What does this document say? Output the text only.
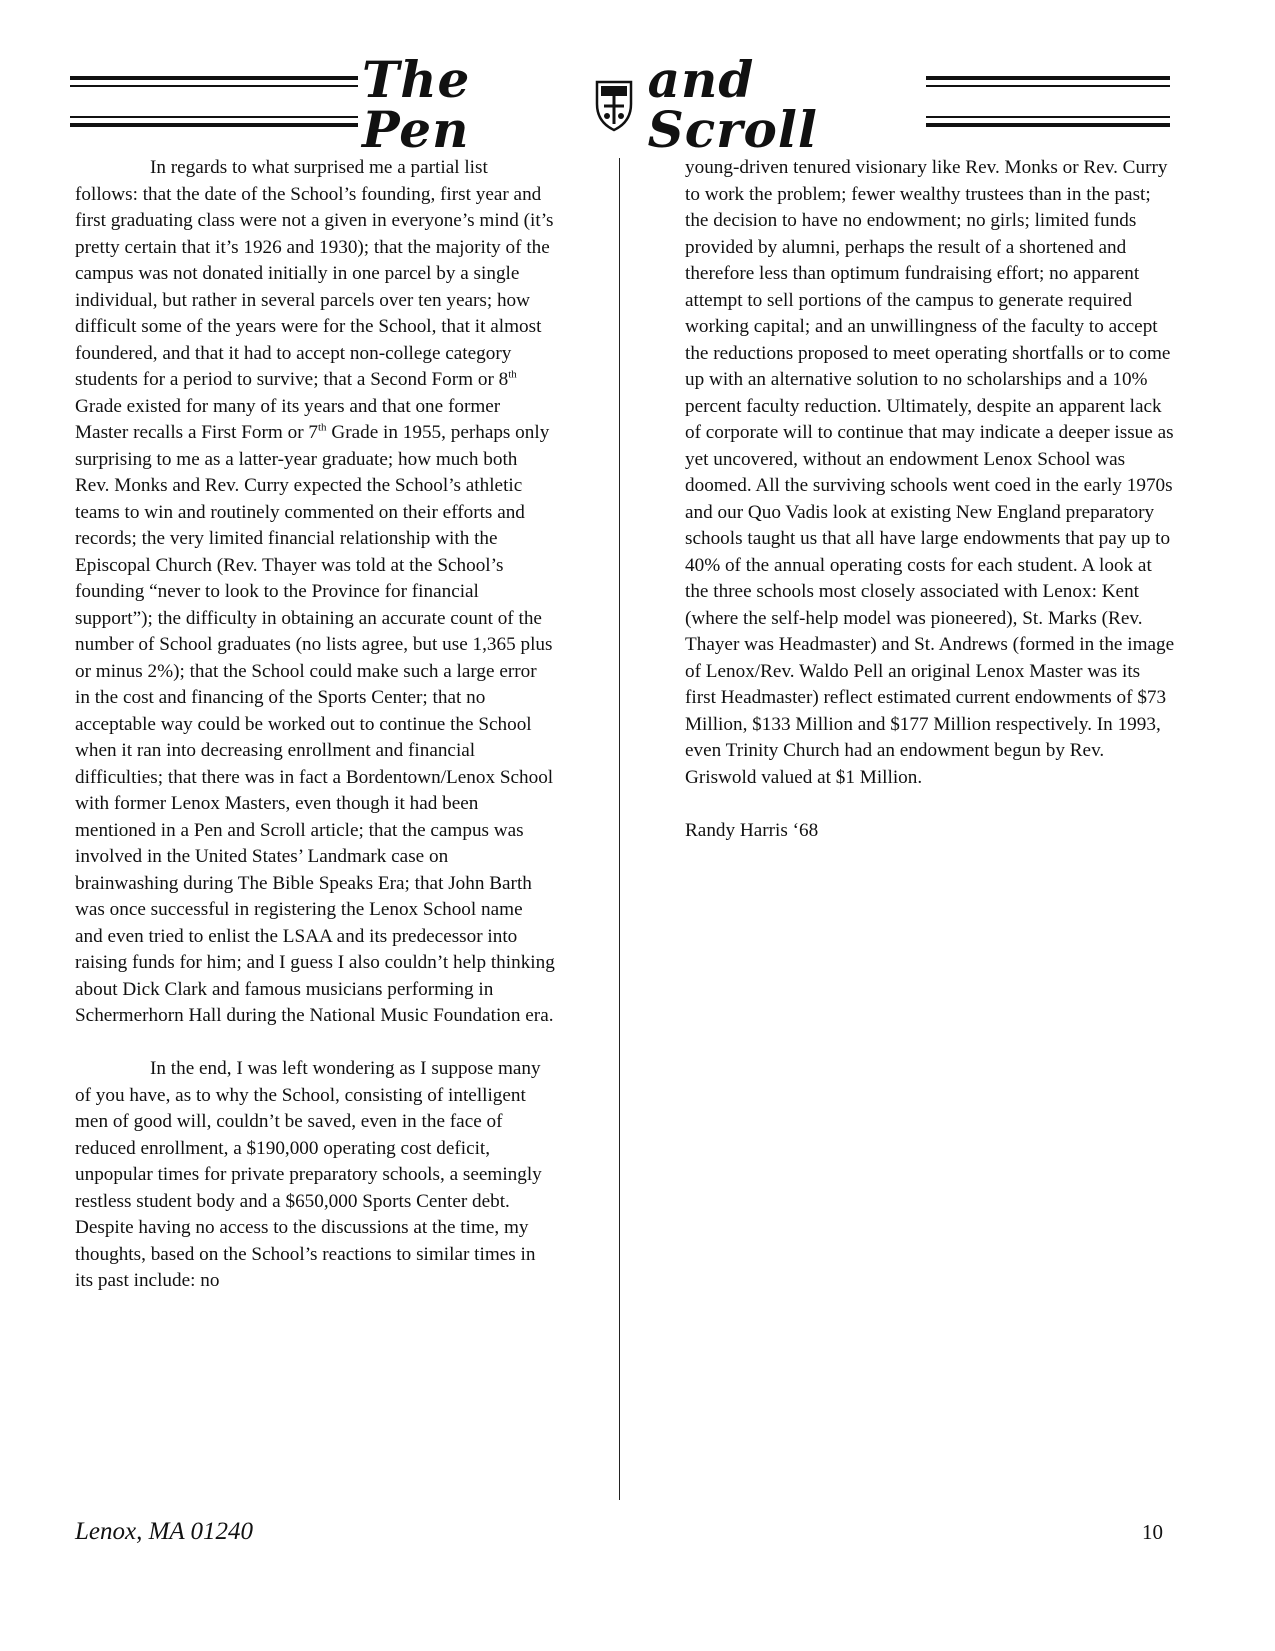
The Pen
and Scroll

In regards to what surprised me a partial list follows: that the date of the School’s founding, first year and first graduating class were not a given in everyone’s mind (it’s pretty certain that it’s 1926 and 1930); that the majority of the campus was not donated initially in one parcel by a single individual, but rather in several parcels over ten years; how difficult some of the years were for the School, that it almost foundered, and that it had to accept non-college category students for a period to survive; that a Second Form or 8th Grade existed for many of its years and that one former Master recalls a First Form or 7th Grade in 1955, perhaps only surprising to me as a latter-year graduate; how much both Rev. Monks and Rev. Curry expected the School’s athletic teams to win and routinely commented on their efforts and records; the very limited financial relationship with the Episcopal Church (Rev. Thayer was told at the School’s founding “never to look to the Province for financial support”); the difficulty in obtaining an accurate count of the number of School graduates (no lists agree, but use 1,365 plus or minus 2%); that the School could make such a large error in the cost and financing of the Sports Center; that no acceptable way could be worked out to continue the School when it ran into decreasing enrollment and financial difficulties; that there was in fact a Bordentown/Lenox School with former Lenox Masters, even though it had been mentioned in a Pen and Scroll article; that the campus was involved in the United States’ Landmark case on brainwashing during The Bible Speaks Era; that John Barth was once successful in registering the Lenox School name and even tried to enlist the LSAA and its predecessor into raising funds for him; and I guess I also couldn’t help thinking about Dick Clark and famous musicians performing in Schermerhorn Hall during the National Music Foundation era.

In the end, I was left wondering as I suppose many of you have, as to why the School, consisting of intelligent men of good will, couldn’t be saved, even in the face of reduced enrollment, a $190,000 operating cost deficit, unpopular times for private preparatory schools, a seemingly restless student body and a $650,000 Sports Center debt. Despite having no access to the discussions at the time, my thoughts, based on the School’s reactions to similar times in its past include: no

young-driven tenured visionary like Rev. Monks or Rev. Curry to work the problem; fewer wealthy trustees than in the past; the decision to have no endowment; no girls; limited funds provided by alumni, perhaps the result of a shortened and therefore less than optimum fundraising effort; no apparent attempt to sell portions of the campus to generate required working capital; and an unwillingness of the faculty to accept the reductions proposed to meet operating shortfalls or to come up with an alternative solution to no scholarships and a 10% percent faculty reduction. Ultimately, despite an apparent lack of corporate will to continue that may indicate a deeper issue as yet uncovered, without an endowment Lenox School was doomed. All the surviving schools went coed in the early 1970s and our Quo Vadis look at existing New England preparatory schools taught us that all have large endowments that pay up to 40% of the annual operating costs for each student. A look at the three schools most closely associated with Lenox: Kent (where the self-help model was pioneered), St. Marks (Rev. Thayer was Headmaster) and St. Andrews (formed in the image of Lenox/Rev. Waldo Pell an original Lenox Master was its first Headmaster) reflect estimated current endowments of $73 Million, $133 Million and $177 Million respectively. In 1993, even Trinity Church had an endowment begun by Rev. Griswold valued at $1 Million.

Randy Harris ‘68

Lenox, MA 01240	10
